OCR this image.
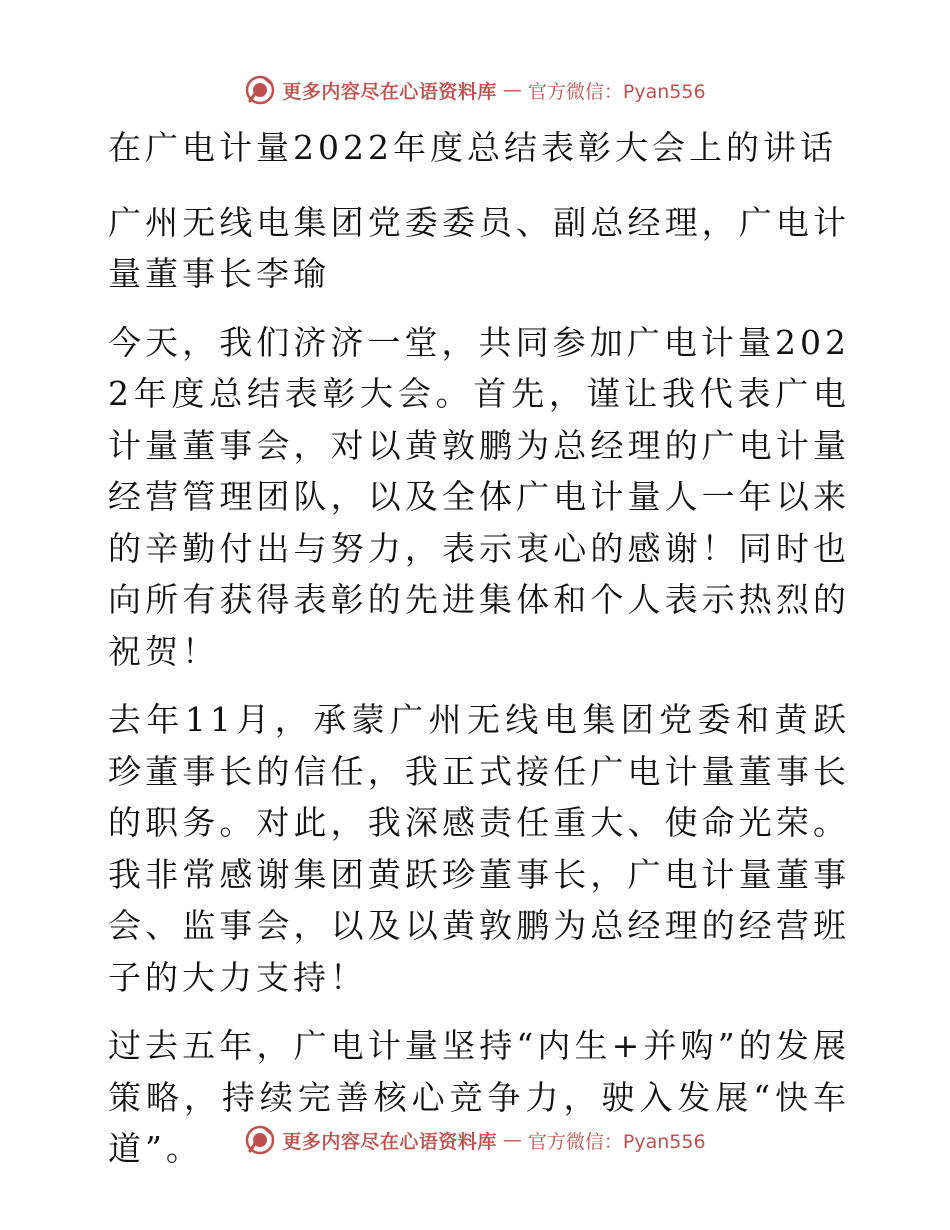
更多内容尽在心语资料库 — 官方微信：Pyan556

在广电计量2022年度总结表彰大会上的讲话

广州无线电集团党委委员、副总经理，广电计量董事长李瑜

今天，我们济济一堂，共同参加广电计量2022年度总结表彰大会。首先，谨让我代表广电计量董事会，对以黄敦鹏为总经理的广电计量经营管理团队，以及全体广电计量人一年以来的辛勤付出与努力，表示衷心的感谢！同时也向所有获得表彰的先进集体和个人表示热烈的祝贺！

去年11月，承蒙广州无线电集团党委和黄跃珍董事长的信任，我正式接任广电计量董事长的职务。对此，我深感责任重大、使命光荣。我非常感谢集团黄跃珍董事长，广电计量董事会、监事会，以及以黄敦鹏为总经理的经营班子的大力支持！

过去五年，广电计量坚持“内生+并购”的发展策略，持续完善核心竞争力，驶入发展“快车道”。	更多内容尽在心语资料库 — 官方微信：Pyan556
